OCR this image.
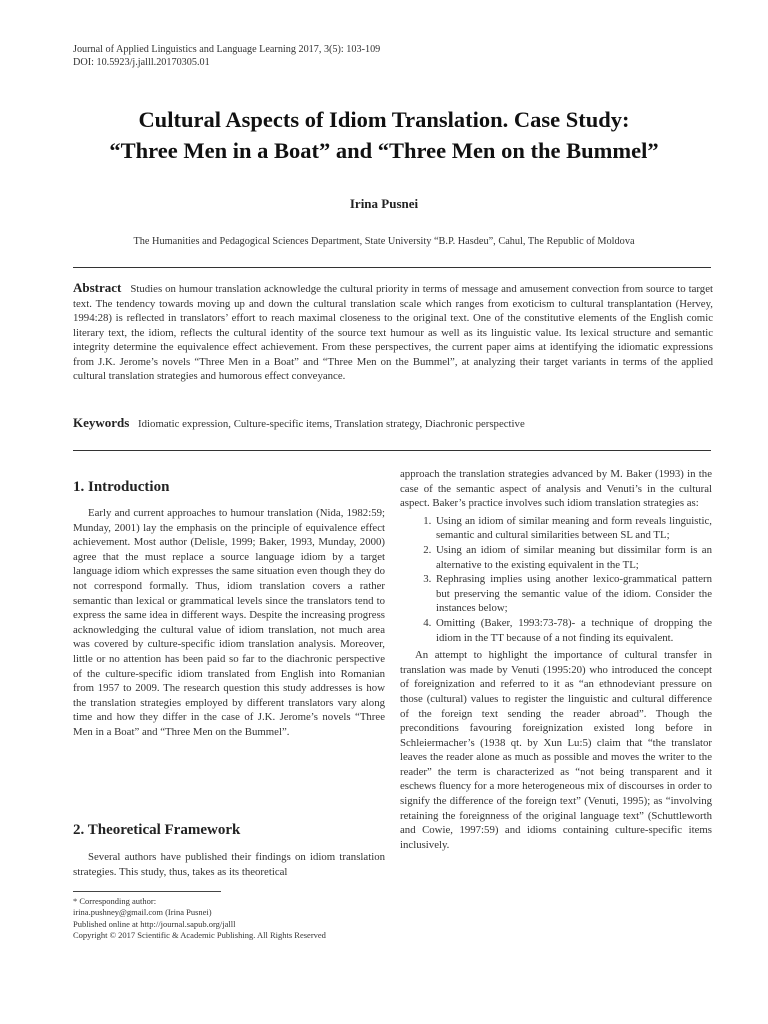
Journal of Applied Linguistics and Language Learning 2017, 3(5): 103-109
DOI: 10.5923/j.jalll.20170305.01
Cultural Aspects of Idiom Translation. Case Study:
“Three Men in a Boat” and “Three Men on the Bummel”
Irina Pusnei
The Humanities and Pedagogical Sciences Department, State University “B.P. Hasdeu”, Cahul, The Republic of Moldova
Abstract Studies on humour translation acknowledge the cultural priority in terms of message and amusement convection from source to target text. The tendency towards moving up and down the cultural translation scale which ranges from exoticism to cultural transplantation (Hervey, 1994:28) is reflected in translators’ effort to reach maximal closeness to the original text. One of the constitutive elements of the English comic literary text, the idiom, reflects the cultural identity of the source text humour as well as its linguistic value. Its lexical structure and semantic integrity determine the equivalence effect achievement. From these perspectives, the current paper aims at identifying the idiomatic expressions from J.K. Jerome’s novels “Three Men in a Boat” and “Three Men on the Bummel”, at analyzing their target variants in terms of the applied cultural translation strategies and humorous effect conveyance.
Keywords Idiomatic expression, Culture-specific items, Translation strategy, Diachronic perspective
1. Introduction

Early and current approaches to humour translation (Nida, 1982:59; Munday, 2001) lay the emphasis on the principle of equivalence effect achievement. Most author (Delisle, 1999; Baker, 1993, Munday, 2000) agree that the must replace a source language idiom by a target language idiom which expresses the same situation even though they do not correspond formally. Thus, idiom translation covers a rather semantic than lexical or grammatical levels since the translators tend to express the same idea in different ways. Despite the increasing progress acknowledging the cultural value of idiom translation, not much area was covered by culture-specific idiom translation analysis. Moreover, little or no attention has been paid so far to the diachronic perspective of the culture-specific idiom translated from English into Romanian from 1957 to 2009. The research question this study addresses is how the translation strategies employed by different translators vary along time and how they differ in the case of J.K. Jerome’s novels “Three Men in a Boat” and “Three Men on the Bummel”.

2. Theoretical Framework

Several authors have published their findings on idiom translation strategies. This study, thus, takes as its theoretical

* Corresponding author:
irina.pushney@gmail.com (Irina Pusnei)
Published online at http://journal.sapub.org/jalll
Copyright © 2017 Scientific & Academic Publishing. All Rights Reserved

approach the translation strategies advanced by M. Baker (1993) in the case of the semantic aspect of analysis and Venuti’s in the cultural aspect. Baker’s practice involves such idiom translation strategies as:

1. Using an idiom of similar meaning and form reveals linguistic, semantic and cultural similarities between SL and TL;
2. Using an idiom of similar meaning but dissimilar form is an alternative to the existing equivalent in the TL;
3. Rephrasing implies using another lexico-grammatical pattern but preserving the semantic value of the idiom. Consider the instances below;
4. Omitting (Baker, 1993:73-78)- a technique of dropping the idiom in the TT because of a not finding its equivalent.

An attempt to highlight the importance of cultural transfer in translation was made by Venuti (1995:20) who introduced the concept of foreignization and referred to it as “an ethnodeviant pressure on those (cultural) values to register the linguistic and cultural difference of the foreign text sending the reader abroad”. Though the preconditions favouring foreignization existed long before in Schleiermacher’s (1938 qt. by Xun Lu:5) claim that “the translator leaves the reader alone as much as possible and moves the writer to the reader” the term is characterized as “not being transparent and it eschews fluency for a more heterogeneous mix of discourses in order to signify the difference of the foreign text” (Venuti, 1995); as “involving retaining the foreignness of the original language text” (Schuttleworth and Cowie, 1997:59) and idioms containing culture-specific items inclusively.
